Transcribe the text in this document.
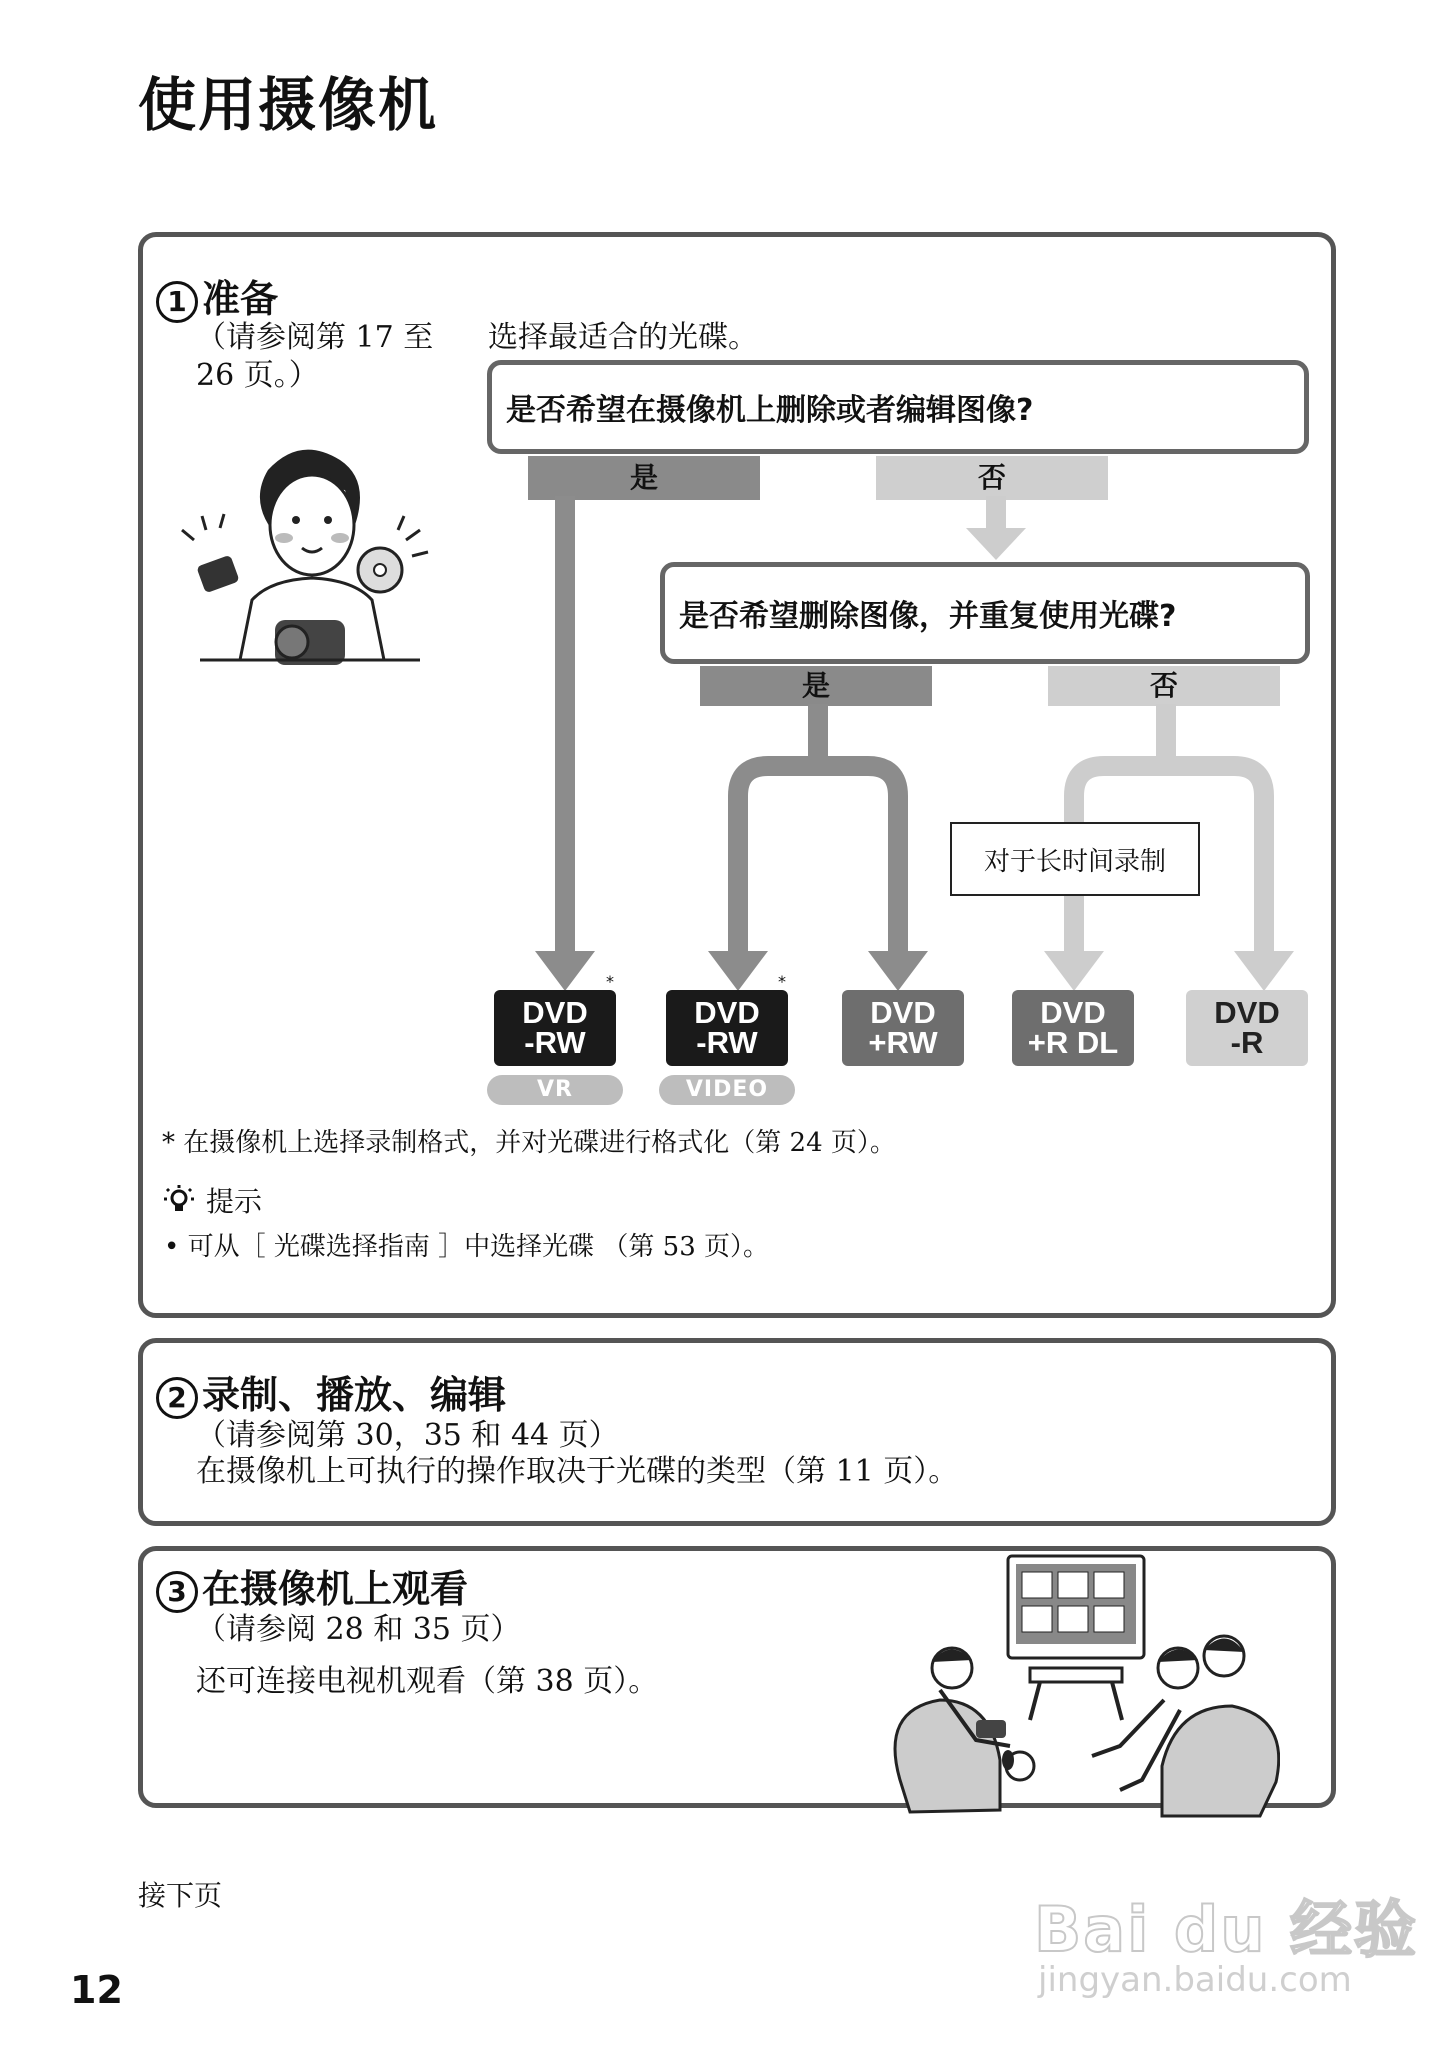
使用摄像机
1 准备
（请参阅第 17 至
26 页。）
选择最适合的光碟。
是否希望在摄像机上删除或者编辑图像?
是	否
是否希望删除图像，并重复使用光碟?
是	否
对于长时间录制
DVD
-RW
*
VR
DVD
-RW
*
VIDEO
DVD
+RW
DVD
+R DL
DVD
-R
* 在摄像机上选择录制格式，并对光碟进行格式化（第 24 页）。
提示
• 可从［ 光碟选择指南 ］中选择光碟 （第 53 页）。
2 录制、播放、编辑
（请参阅第 30，35 和 44 页）
在摄像机上可执行的操作取决于光碟的类型（第 11 页）。
3 在摄像机上观看
（请参阅 28 和 35 页）
还可连接电视机观看（第 38 页）。
接下页
12
Bai du 经验
jingyan.baidu.com
